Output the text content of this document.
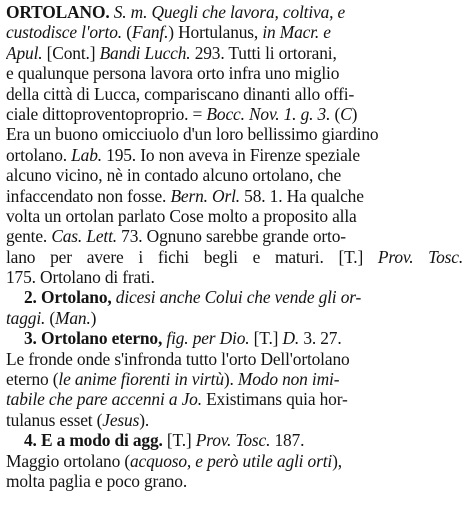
ORTOLANO. S. m. Quegli che lavora, coltiva, e
custodisce l'orto. (Fanf.) Hortulanus, in Macr. e
Apul. [Cont.] Bandi Lucch. 293. Tutti li ortorani,
e qualunque persona lavora orto infra uno miglio
della città di Lucca, compariscano dinanti allo offi-
ciale dittoproventoproprio. = Bocc. Nov. 1. g. 3. (C)
Era un buono omicciuolo d'un loro bellissimo giardino
ortolano. Lab. 195. Io non aveva in Firenze speziale
alcuno vicino, nè in contado alcuno ortolano, che
infaccendato non fosse. Bern. Orl. 58. 1. Ha qualche
volta un ortolan parlato Cose molto a proposito alla
gente. Cas. Lett. 73. Ognuno sarebbe grande orto-
lano per avere i fichi begli e maturi. [T.] Prov. Tosc.
175. Ortolano di frati.
2. Ortolano, dicesi anche Colui che vende gli or-
taggi. (Man.)
3. Ortolano eterno, fig. per Dio. [T.] D. 3. 27.
Le fronde onde s'infronda tutto l'orto Dell'ortolano
eterno (le anime fiorenti in virtù). Modo non imi-
tabile che pare accenni a Jo. Existimans quia hor-
tulanus esset (Jesus).
4. E a modo di agg. [T.] Prov. Tosc. 187.
Maggio ortolano (acquoso, e però utile agli orti),
molta paglia e poco grano.
